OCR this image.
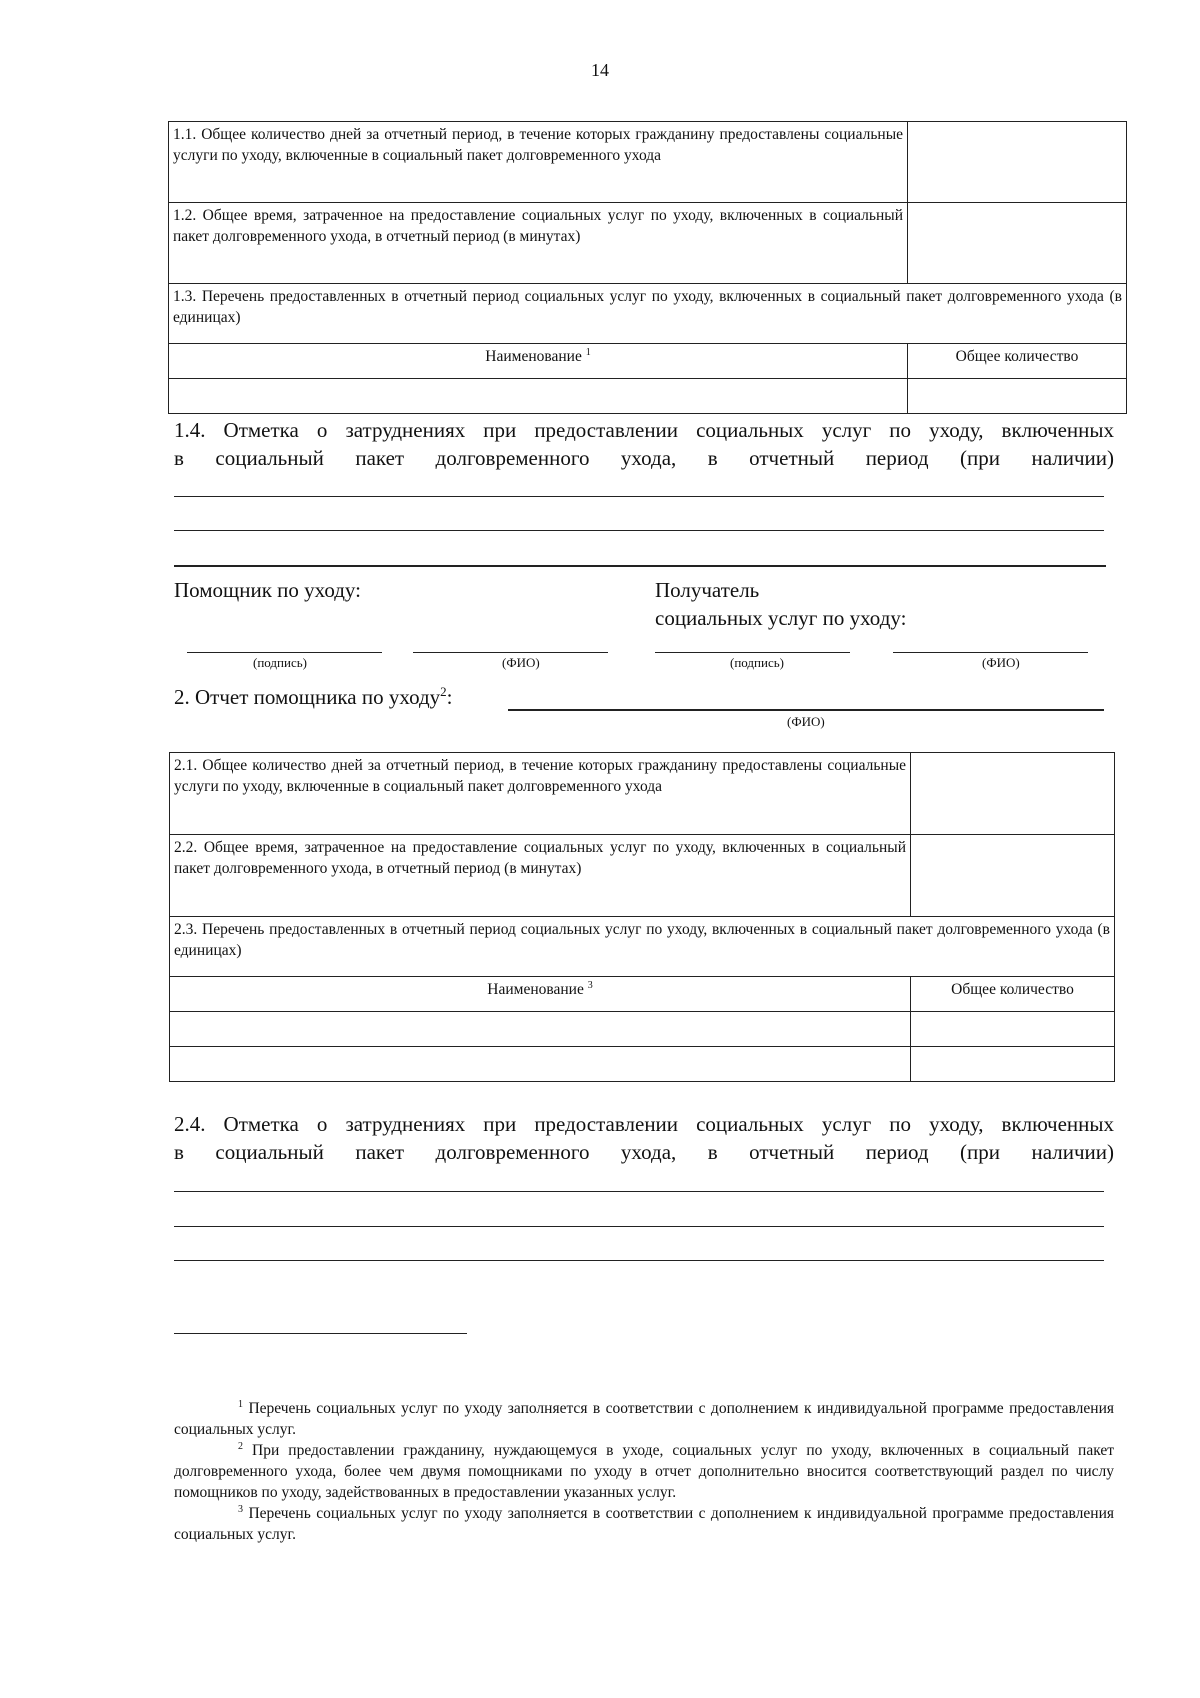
14
1.1. Общее количество дней за отчетный период, в течение которых гражданину предоставлены социальные услуги по уходу, включенные в социальный пакет долговременного ухода	
1.2. Общее время, затраченное на предоставление социальных услуг по уходу, включенных в социальный пакет долговременного ухода, в отчетный период (в минутах)	
1.3. Перечень предоставленных в отчетный период социальных услуг по уходу, включенных в социальный пакет долговременного ухода (в единицах)	
Наименование $^1$	Общее количество

1.4. Отметка о затруднениях при предоставлении социальных услуг по уходу, включенных
в социальный пакет долговременного ухода, в отчетный период (при наличии)
Помощник по уходу:	Получатель
социальных услуг по уходу:
(подпись)	(ФИО)	(подпись)	(ФИО)
2. Отчет помощника по уходу$^2$:
(ФИО)
2.1. Общее количество дней за отчетный период, в течение которых гражданину предоставлены социальные услуги по уходу, включенные в социальный пакет долговременного ухода	
2.2. Общее время, затраченное на предоставление социальных услуг по уходу, включенных в социальный пакет долговременного ухода, в отчетный период (в минутах)	
2.3. Перечень предоставленных в отчетный период социальных услуг по уходу, включенных в социальный пакет долговременного ухода (в единицах)	
Наименование $^3$	Общее количество

2.4. Отметка о затруднениях при предоставлении социальных услуг по уходу, включенных
в социальный пакет долговременного ухода, в отчетный период (при наличии)
$^1$ Перечень социальных услуг по уходу заполняется в соответствии с дополнением к индивидуальной программе предоставления социальных услуг.
$^2$ При предоставлении гражданину, нуждающемуся в уходе, социальных услуг по уходу, включенных в социальный пакет долговременного ухода, более чем двумя помощниками по уходу в отчет дополнительно вносится соответствующий раздел по числу помощников по уходу, задействованных в предоставлении указанных услуг.
$^3$ Перечень социальных услуг по уходу заполняется в соответствии с дополнением к индивидуальной программе предоставления социальных услуг.
